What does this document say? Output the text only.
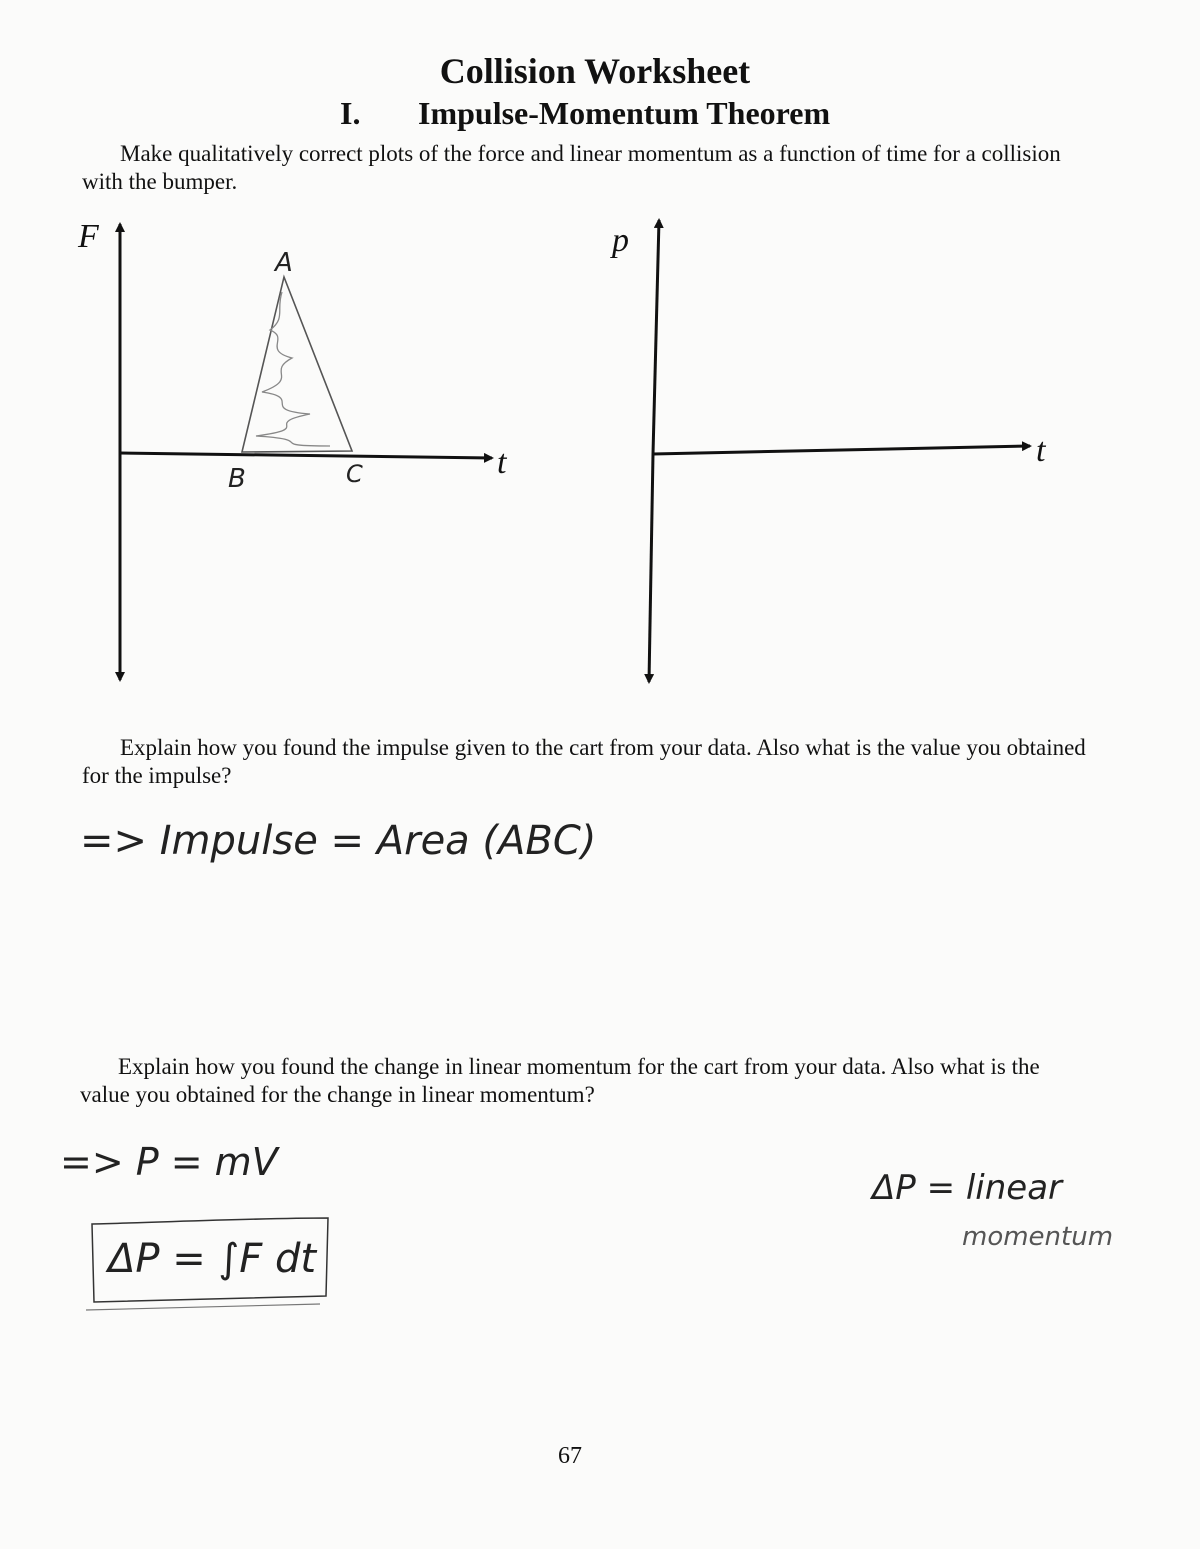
Collision Worksheet
I. Impulse-Momentum Theorem
Make qualitatively correct plots of the force and linear momentum as a function of time for a collision with the bumper.
F
t
A
B	C
p
t
Explain how you found the impulse given to the cart from your data. Also what is the value you obtained for the impulse?
=> Impulse = Area (ABC)
Explain how you found the change in linear momentum for the cart from your data. Also what is the value you obtained for the change in linear momentum?
=> P = mV
ΔP = ∫F dt
ΔP = linear
momentum
67
